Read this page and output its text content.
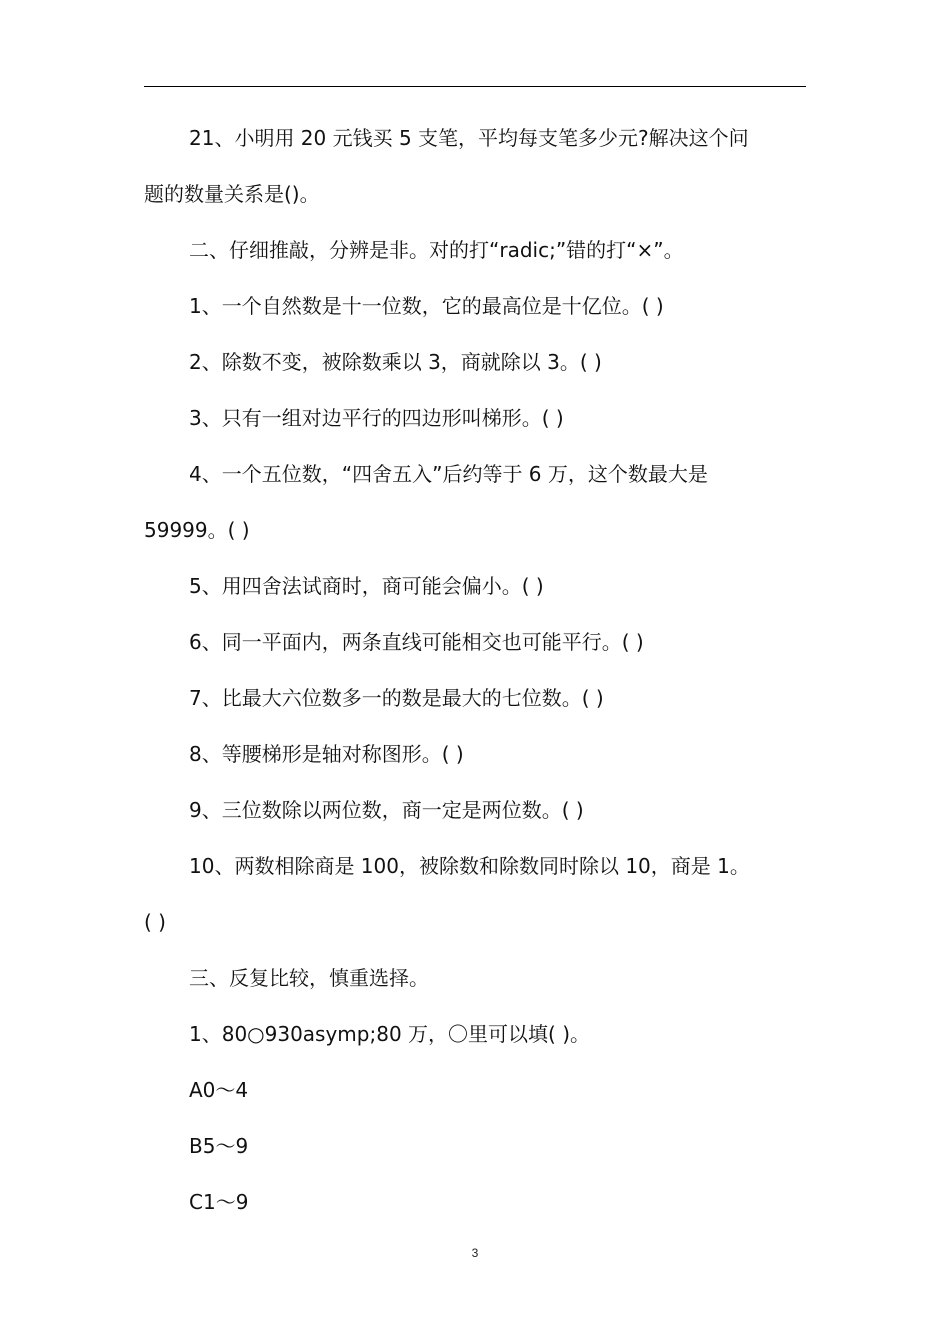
21、小明用 20 元钱买 5 支笔，平均每支笔多少元?解决这个问

题的数量关系是()。

二、仔细推敲，分辨是非。对的打“radic;”错的打“×”。

1、一个自然数是十一位数，它的最高位是十亿位。( )

2、除数不变，被除数乘以 3，商就除以 3。( )

3、只有一组对边平行的四边形叫梯形。( )

4、一个五位数，“四舍五入”后约等于 6 万，这个数最大是

59999。( )

5、用四舍法试商时，商可能会偏小。( )

6、同一平面内，两条直线可能相交也可能平行。( )

7、比最大六位数多一的数是最大的七位数。( )

8、等腰梯形是轴对称图形。( )

9、三位数除以两位数，商一定是两位数。( )

10、两数相除商是 100，被除数和除数同时除以 10，商是 1。

( )

三、反复比较，慎重选择。

1、80○930asymp;80 万，〇里可以填( )。

A0～4

B5～9

C1～9

3
